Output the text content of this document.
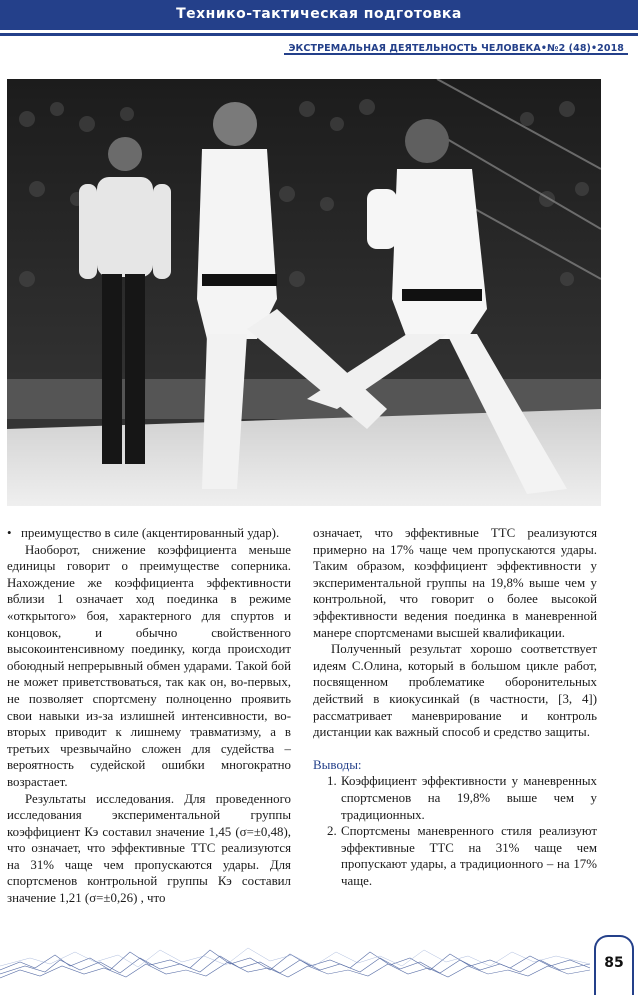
Технико-тактическая подготовка
ЭКСТРЕМАЛЬНАЯ ДЕЯТЕЛЬНОСТЬ ЧЕЛОВЕКА•№2 (48)•2018

• преимущество в силе (акцентированный удар).

Наоборот, снижение коэффициента меньше единицы говорит о преимуществе соперника. Нахождение же коэффициента эффективности вблизи 1 означает ход поединка в режиме «открытого» боя, характерного для спуртов и концовок, и обычно свойственного высокоинтенсивному поединку, когда происходит обоюдный непрерывный обмен ударами. Такой бой не может приветствоваться, так как он, во-первых, не позволяет спортсмену полноценно проявить свои навыки из-за излишней интенсивности, во-вторых приводит к лишнему травматизму, а в третьих чрезвычайно сложен для судейства – вероятность судейской ошибки многократно возрастает.

Результаты исследования. Для проведенного исследования экспериментальной группы коэффициент Кэ составил значение 1,45 (σ=±0,48), что означает, что эффективные ТТС реализуются на 31% чаще чем пропускаются удары. Для спортсменов контрольной группы Кэ составил значение 1,21 (σ=±0,26) , что

означает, что эффективные ТТС реализуются примерно на 17% чаще чем пропускаются удары. Таким образом, коэффициент эффективности у экспериментальной группы на 19,8% выше чем у контрольной, что говорит о более высокой эффективности ведения поединка в маневренной манере спортсменами высшей квалификации.

Полученный результат хорошо соответствует идеям С.Олина, который в большом цикле работ, посвященном проблематике оборонительных действий в киокусинкай (в частности, [3, 4]) рассматривает маневрирование и контроль дистанции как важный способ и средство защиты.

Выводы:

1. Коэффициент эффективности у маневренных спортсменов на 19,8% выше чем у традиционных.
2. Спортсмены маневренного стиля реализуют эффективные ТТС на 31% чаще чем пропускают удары, а традиционного – на 17% чаще.
85
